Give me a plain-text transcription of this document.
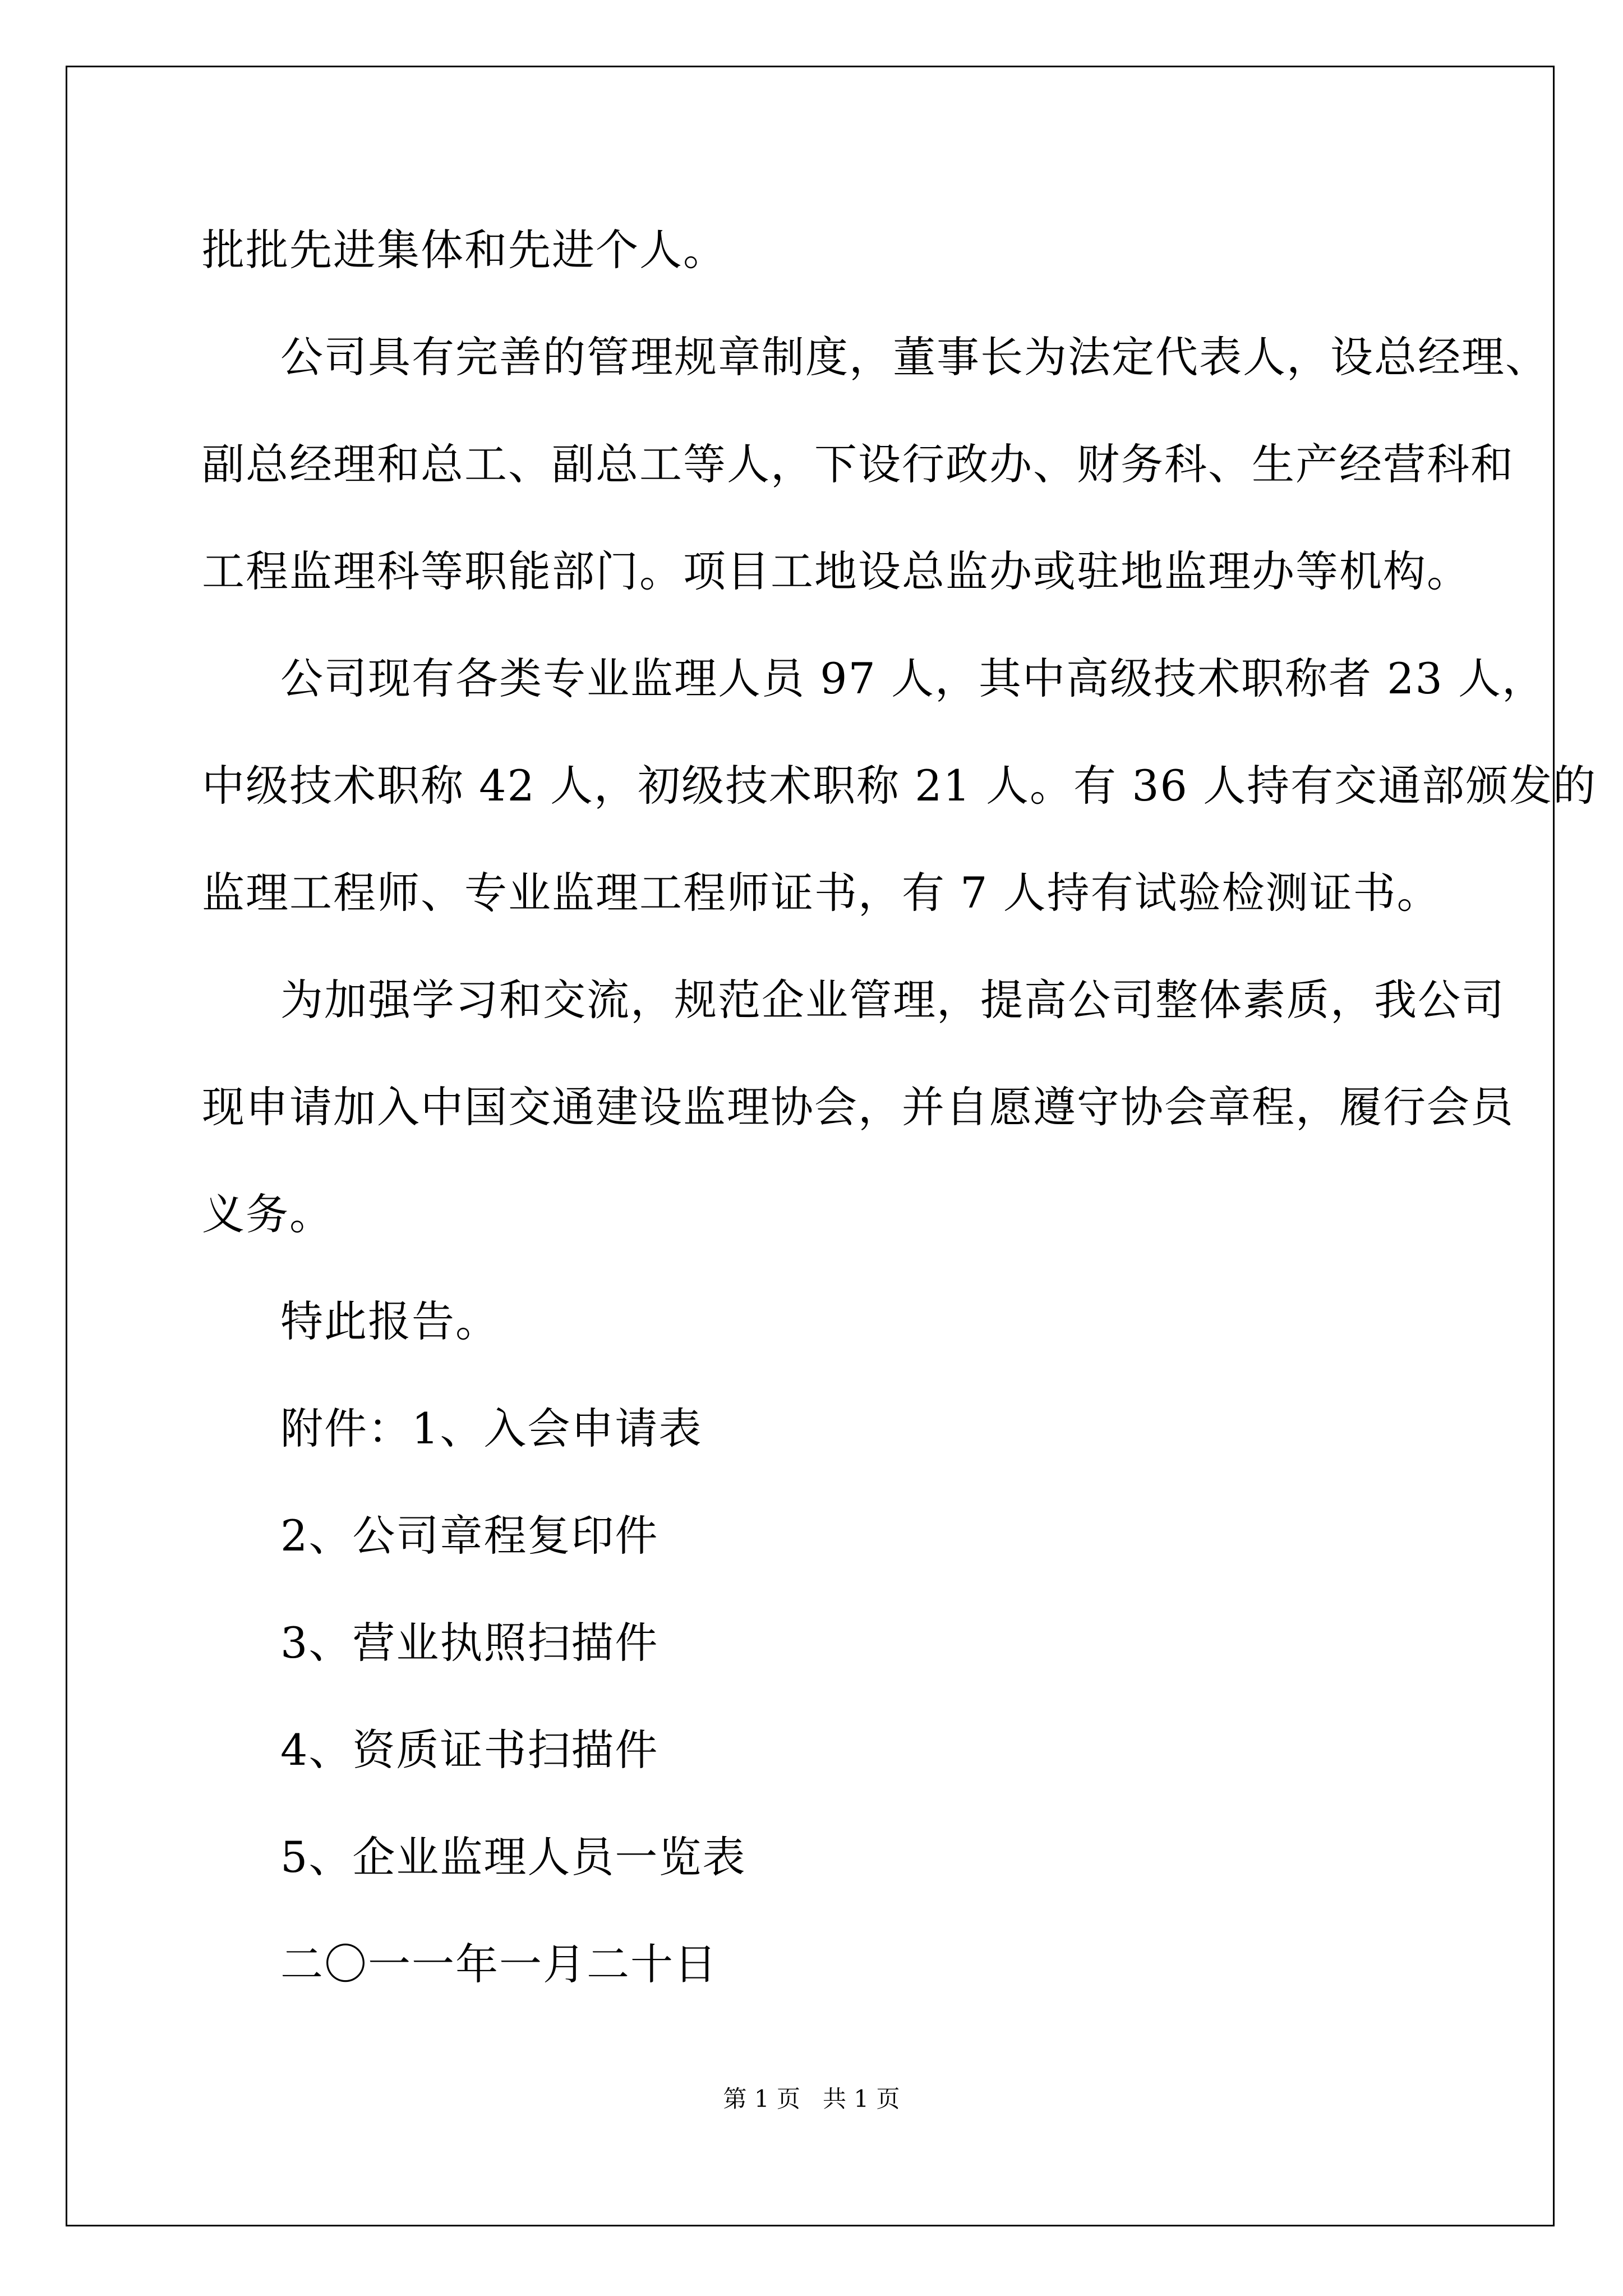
批批先进集体和先进个人。
公司具有完善的管理规章制度，董事长为法定代表人，设总经理、
副总经理和总工、副总工等人，下设行政办、财务科、生产经营科和
工程监理科等职能部门。项目工地设总监办或驻地监理办等机构。
公司现有各类专业监理人员 97 人，其中高级技术职称者 23 人，
中级技术职称 42 人，初级技术职称 21 人。有 36 人持有交通部颁发的
监理工程师、专业监理工程师证书，有 7 人持有试验检测证书。
为加强学习和交流，规范企业管理，提高公司整体素质，我公司
现申请加入中国交通建设监理协会，并自愿遵守协会章程，履行会员
义务。
特此报告。
附件：1、入会申请表
2、公司章程复印件
3、营业执照扫描件
4、资质证书扫描件
5、企业监理人员一览表
二〇一一年一月二十日
第 1 页   共 1 页
